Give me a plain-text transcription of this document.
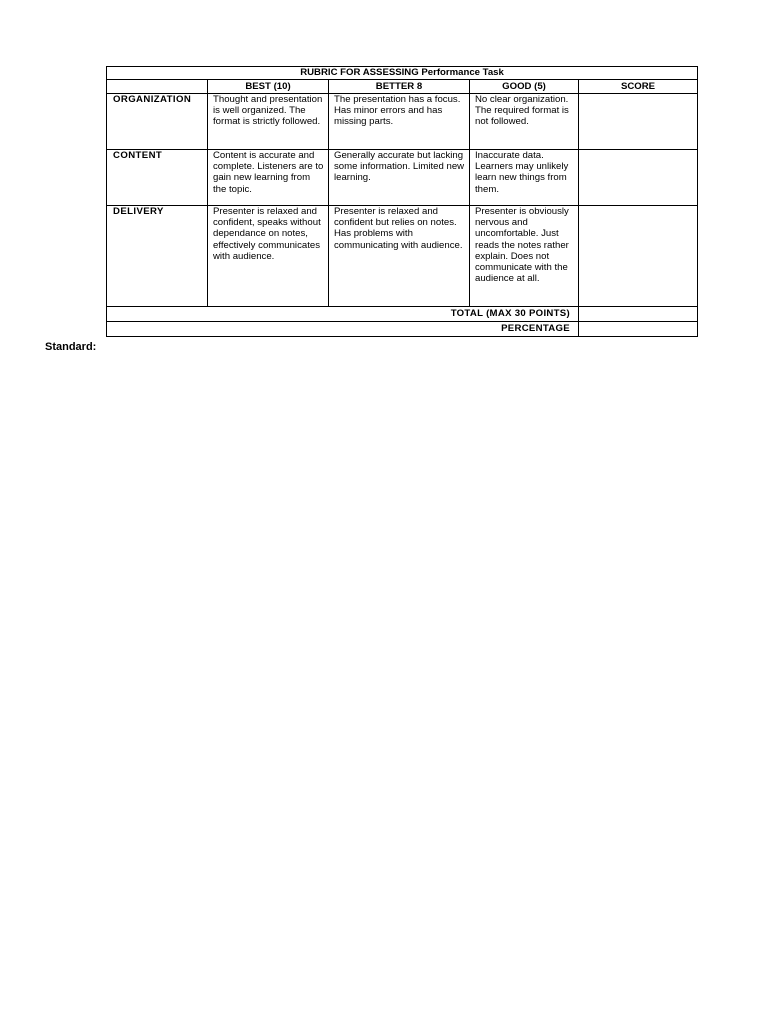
RUBRIC FOR ASSESSING Performance Task				
	BEST (10)	BETTER 8	GOOD (5)	SCORE
ORGANIZATION	Thought and presentation is well organized. The format is strictly followed.	The presentation has a focus. Has minor errors and has missing parts.	No clear organization. The required format is not followed.	
CONTENT	Content is accurate and complete. Listeners are to gain new learning from the topic.	Generally accurate but lacking some information. Limited new learning.	Inaccurate data. Learners may unlikely learn new things from them.	
DELIVERY	Presenter is relaxed and confident, speaks without dependance on notes, effectively communicates with audience.	Presenter is relaxed and confident but relies on notes. Has problems with communicating with audience.	Presenter is obviously nervous and uncomfortable. Just reads the notes rather explain. Does not communicate with the audience at all.	
TOTAL (MAX 30 POINTS)				
PERCENTAGE				
Standard:
